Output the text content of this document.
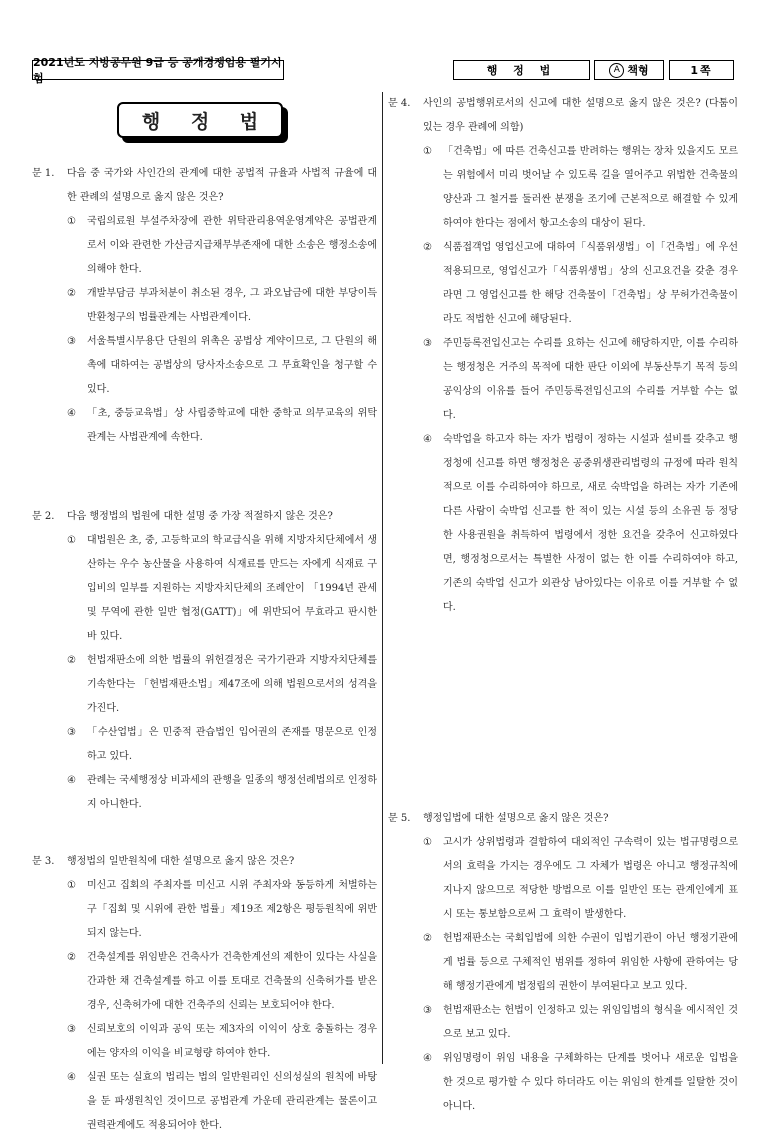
2021년도 지방공무원 9급 등 공개경쟁임용 필기시험
행 정 법	A 책형	1쪽
행 정 법
문 1. 다음 중 국가와 사인간의 관계에 대한 공법적 규율과 사법적 규율에 대한 관례의 설명으로 옳지 않은 것은?
① 국립의료원 부설주차장에 관한 위탁관리용역운영계약은 공법관계로서 이와 관련한 가산금지급채무부존재에 대한 소송은 행정소송에 의해야 한다.
② 개발부담금 부과처분이 취소된 경우, 그 과오납금에 대한 부당이득반환청구의 법률관계는 사법관계이다.
③ 서울특별시무용단 단원의 위촉은 공법상 계약이므로, 그 단원의 해촉에 대하여는 공법상의 당사자소송으로 그 무효확인을 청구할 수 있다.
④ 「초, 중등교육법」상 사립중학교에 대한 중학교 의무교육의 위탁관계는 사법관계에 속한다.
문 2. 다음 행정법의 법원에 대한 설명 중 가장 적절하지 않은 것은?
① 대법원은 초, 중, 고등학교의 학교급식을 위해 지방자치단체에서 생산하는 우수 농산물을 사용하여 식재료를 만드는 자에게 식재료 구입비의 일부를 지원하는 지방자치단체의 조례안이 「1994년 관세 및 무역에 관한 일반 협정(GATT)」에 위반되어 무효라고 판시한 바 있다.
② 헌법재판소에 의한 법률의 위헌결정은 국가기관과 지방자치단체를 기속한다는 「헌법재판소법」제47조에 의해 법원으로서의 성격을 가진다.
③ 「수산업법」은 민중적 관습법인 입어권의 존재를 명문으로 인정하고 있다.
④ 관례는 국세행정상 비과세의 관행을 일종의 행정선례법의로 인정하지 아니한다.
문 3. 행정법의 일반원칙에 대한 설명으로 옳지 않은 것은?
① 미신고 집회의 주최자를 미신고 시위 주최자와 동등하게 처벌하는 구「집회 및 시위에 관한 법률」제19조 제2항은 평등원칙에 위반되지 않는다.
② 건축설계를 위임받은 건축사가 건축한계선의 제한이 있다는 사실을 간과한 채 건축설계를 하고 이를 토대로 건축물의 신축허가를 받은 경우, 신축허가에 대한 건축주의 신뢰는 보호되어야 한다.
③ 신뢰보호의 이익과 공익 또는 제3자의 이익이 상호 충돌하는 경우에는 양자의 이익을 비교형량 하여야 한다.
④ 실권 또는 실효의 법리는 법의 일반원리인 신의성실의 원칙에 바탕을 둔 파생원칙인 것이므로 공법관계 가운데 관리관계는 물론이고 권력관계에도 적용되어야 한다.
문 4. 사인의 공법행위로서의 신고에 대한 설명으로 옳지 않은 것은? (다툼이 있는 경우 관례에 의함)
① 「건축법」에 따른 건축신고를 반려하는 행위는 장차 있을지도 모르는 위험에서 미리 벗어날 수 있도록 길을 열어주고 위법한 건축물의 양산과 그 철거를 둘러싼 분쟁을 조기에 근본적으로 해결할 수 있게 하여야 한다는 점에서 항고소송의 대상이 된다.
② 식품접객업 영업신고에 대하여「식품위생법」이「건축법」에 우선 적용되므로, 영업신고가「식품위생법」상의 신고요건을 갖춘 경우라면 그 영업신고를 한 해당 건축물이「건축법」상 무허가건축물이라도 적법한 신고에 해당된다.
③ 주민등록전입신고는 수리를 요하는 신고에 해당하지만, 이를 수리하는 행정청은 거주의 목적에 대한 판단 이외에 부동산투기 목적 등의 공익상의 이유를 들어 주민등록전입신고의 수리를 거부할 수는 없다.
④ 숙박업을 하고자 하는 자가 법령이 정하는 시설과 설비를 갖추고 행정청에 신고를 하면 행정청은 공중위생관리법령의 규정에 따라 원칙적으로 이를 수리하여야 하므로, 새로 숙박업을 하려는 자가 기존에 다른 사람이 숙박업 신고를 한 적이 있는 시설 등의 소유권 등 정당한 사용권원을 취득하여 법령에서 정한 요건을 갖추어 신고하였다면, 행정청으로서는 특별한 사정이 없는 한 이를 수리하여야 하고, 기존의 숙박업 신고가 외관상 남아있다는 이유로 이를 거부할 수 없다.
문 5. 행정입법에 대한 설명으로 옳지 않은 것은?
① 고시가 상위법령과 결합하여 대외적인 구속력이 있는 법규명령으로서의 효력을 가지는 경우에도 그 자체가 법령은 아니고 행정규칙에 지나지 않으므로 적당한 방법으로 이를 일반인 또는 관계인에게 표시 또는 통보함으로써 그 효력이 발생한다.
② 헌법재판소는 국회입법에 의한 수권이 입법기관이 아닌 행정기관에게 법률 등으로 구체적인 범위를 정하여 위임한 사항에 관하여는 당해 행정기관에게 법정립의 권한이 부여된다고 보고 있다.
③ 헌법재판소는 헌법이 인정하고 있는 위임입법의 형식을 예시적인 것으로 보고 있다.
④ 위임명령이 위임 내용을 구체화하는 단계를 벗어나 새로운 입법을 한 것으로 평가할 수 있다 하더라도 이는 위임의 한계를 일탈한 것이 아니다.
